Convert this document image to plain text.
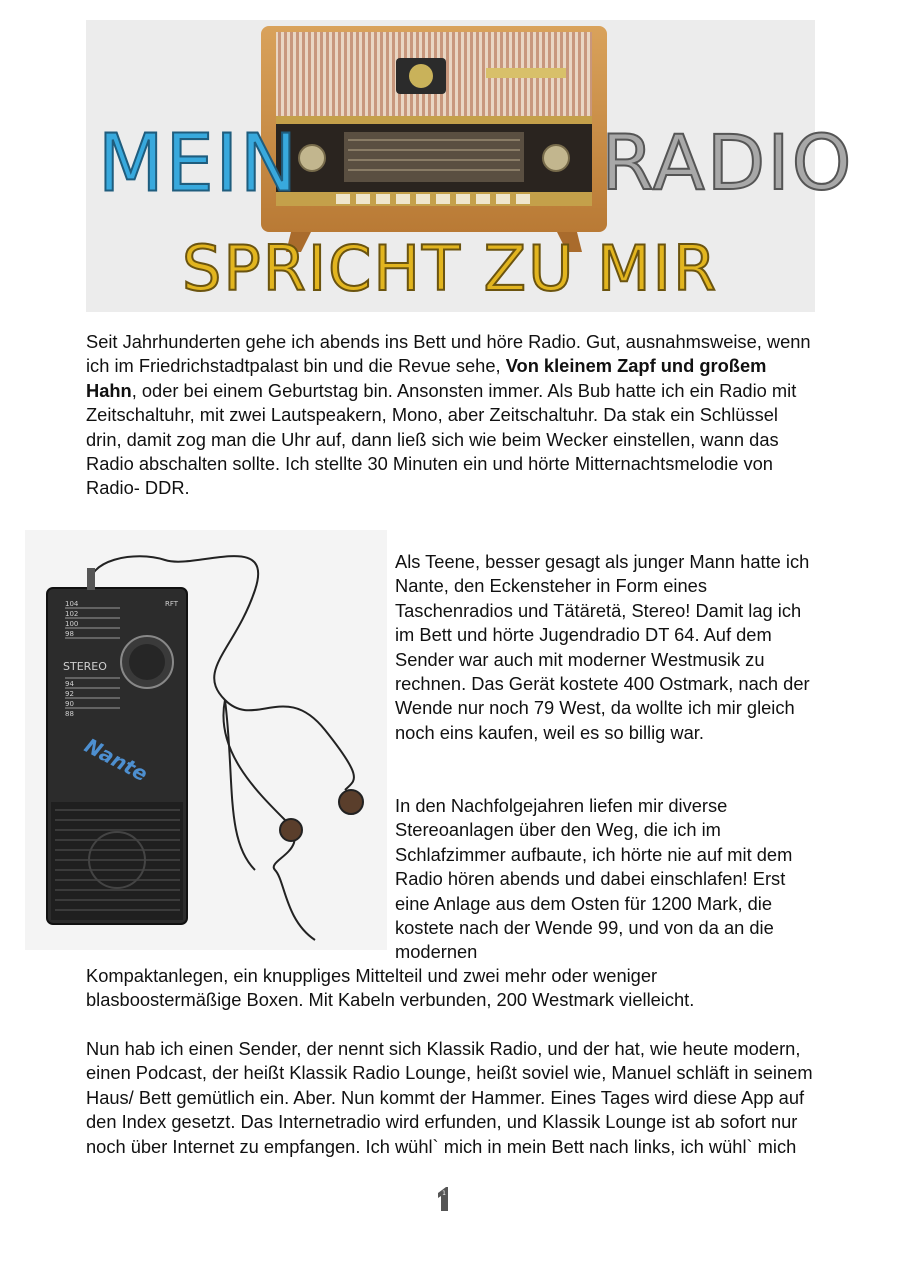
MEIN	RADIO
SPRICHT ZU MIR

Seit Jahrhunderten gehe ich abends ins Bett und höre Radio. Gut, ausnahmsweise, wenn ich im Friedrichstadtpalast bin und die Revue sehe, Von kleinem Zapf und großem Hahn, oder bei einem Geburtstag bin. Ansonsten immer. Als Bub hatte ich ein Radio mit Zeitschaltuhr, mit zwei Lautspeakern, Mono, aber Zeitschaltuhr. Da stak ein Schlüssel drin, damit zog man die Uhr auf, dann ließ sich wie beim Wecker einstellen, wann das Radio abschalten sollte. Ich stellte 30 Minuten ein und hörte Mitternachtsmelodie von Radio- DDR.

STEREO
RFT
104
102
100
98
94
92
90
88
Nante

Als Teene, besser gesagt als junger Mann hatte ich Nante, den Eckensteher in Form eines Taschenradios und Tätäretä, Stereo! Damit lag ich im Bett und hörte Jugendradio DT 64. Auf dem Sender war auch mit moderner Westmusik zu rechnen. Das Gerät kostete 400 Ostmark, nach der Wende nur noch 79 West, da wollte ich mir gleich noch eins kaufen, weil es so billig war.

In den Nachfolgejahren liefen mir diverse Stereoanlagen über den Weg, die ich im Schlafzimmer aufbaute, ich hörte nie auf mit dem Radio hören abends und dabei einschlafen! Erst eine Anlage aus dem Osten für 1200 Mark, die kostete nach der Wende 99, und von da an die modernen

Kompaktanlegen, ein knuppliges Mittelteil und zwei mehr oder weniger blasboostermäßige Boxen. Mit Kabeln verbunden, 200 Westmark vielleicht.

Nun hab ich einen Sender, der nennt sich Klassik Radio, und der hat, wie heute modern, einen Podcast, der heißt Klassik Radio Lounge, heißt soviel wie, Manuel schläft in seinem Haus/ Bett gemütlich ein. Aber. Nun kommt der Hammer. Eines Tages wird diese App auf den Index gesetzt. Das Internetradio wird erfunden, und Klassik Lounge ist ab sofort nur noch über Internet zu empfangen. Ich wühl` mich in mein Bett nach links, ich wühl` mich

1
